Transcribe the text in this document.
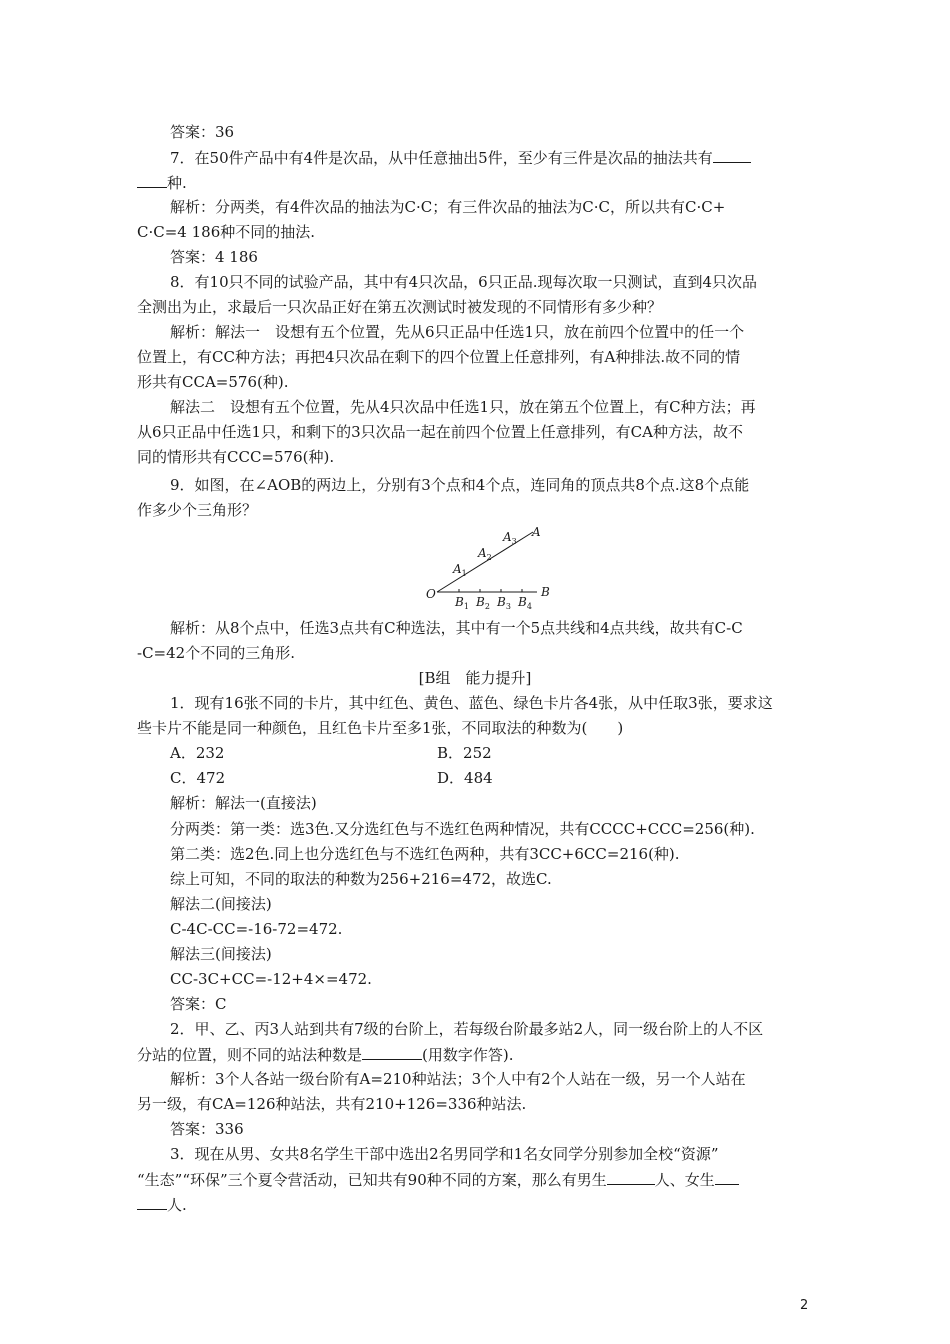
答案：36
7．在50件产品中有4件是次品，从中任意抽出5件，至少有三件是次品的抽法共有
种.
解析：分两类，有4件次品的抽法为C·C；有三件次品的抽法为C·C，所以共有C·C+
C·C=4 186种不同的抽法.
答案：4 186
8．有10只不同的试验产品，其中有4只次品，6只正品.现每次取一只测试，直到4只次品
全测出为止，求最后一只次品正好在第五次测试时被发现的不同情形有多少种？
解析：解法一　设想有五个位置，先从6只正品中任选1只，放在前四个位置中的任一个
位置上，有CC种方法；再把4只次品在剩下的四个位置上任意排列，有A种排法.故不同的情
形共有CCA=576(种).
解法二　设想有五个位置，先从4只次品中任选1只，放在第五个位置上，有C种方法；再
从6只正品中任选1只，和剩下的3只次品一起在前四个位置上任意排列，有CA种方法，故不
同的情形共有CCC=576(种).
9．如图，在∠AOB的两边上，分别有3个点和4个点，连同角的顶点共8个点.这8个点能
作多少个三角形？
O
A
B
$A_1$
$A_2$
$A_3$
$B_1$ $B_2$ $B_3$ $B_4$
解析：从8个点中，任选3点共有C种选法，其中有一个5点共线和4点共线，故共有C-C
-C=42个不同的三角形.
[B组　能力提升]
1．现有16张不同的卡片，其中红色、黄色、蓝色、绿色卡片各4张，从中任取3张，要求这
些卡片不能是同一种颜色，且红色卡片至多1张，不同取法的种数为(　　)
A．232	B．252
C．472	D．484
解析：解法一(直接法)
分两类：第一类：选3色.又分选红色与不选红色两种情况，共有CCCC+CCC=256(种).
第二类：选2色.同上也分选红色与不选红色两种，共有3CC+6CC=216(种).
综上可知，不同的取法的种数为256+216=472，故选C.
解法二(间接法)
C-4C-CC=-16-72=472.
解法三(间接法)
CC-3C+CC=-12+4×=472.
答案：C
2．甲、乙、丙3人站到共有7级的台阶上，若每级台阶最多站2人，同一级台阶上的人不区
分站的位置，则不同的站法种数是	(用数字作答).
解析：3个人各站一级台阶有A=210种站法；3个人中有2个人站在一级，另一个人站在
另一级，有CA=126种站法，共有210+126=336种站法.
答案：336
3．现在从男、女共8名学生干部中选出2名男同学和1名女同学分别参加全校“资源”
“生态”“环保”三个夏令营活动，已知共有90种不同的方案，那么有男生	人、女生
人.
2
